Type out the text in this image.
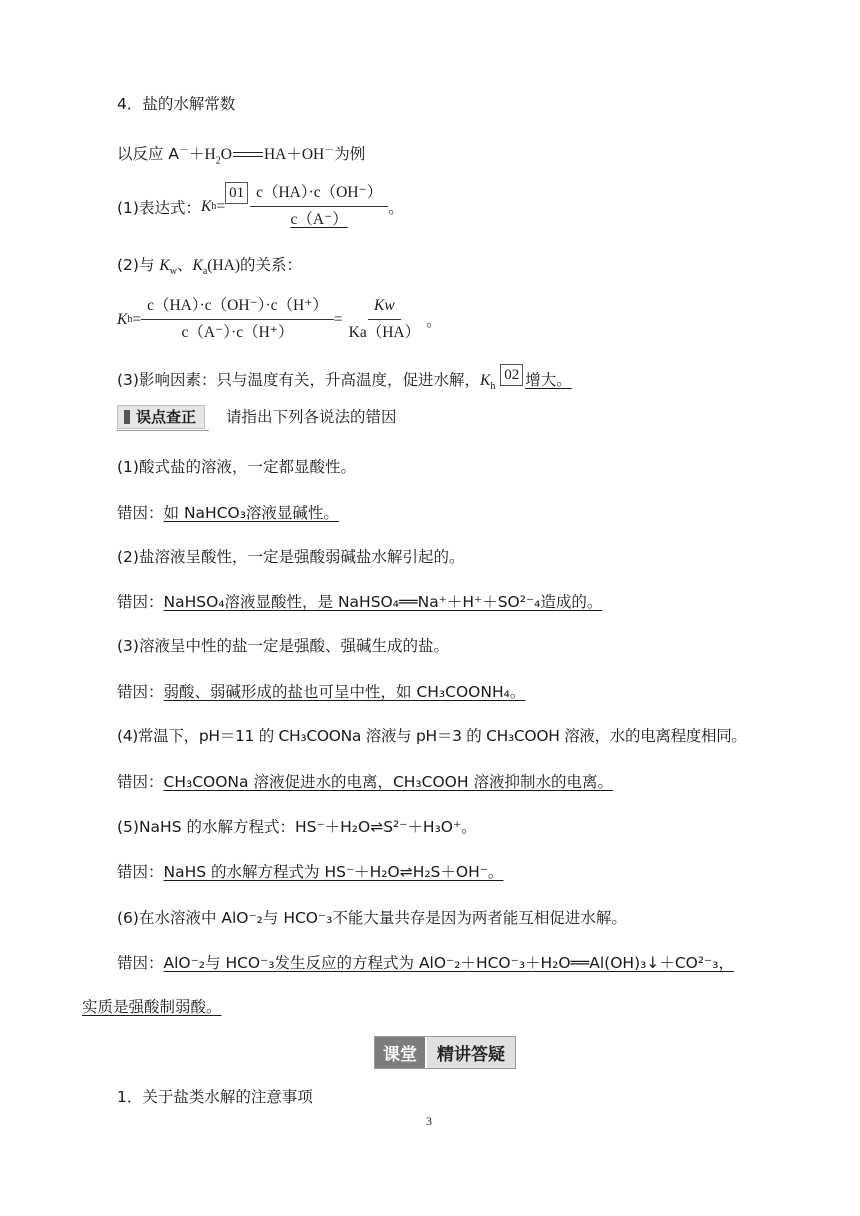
4．盐的水解常数
以反应 $A^-+H_2O$ HA＋OH－为例
(1)表达式： K h =
$01 \frac{c(HA)\cdot c(OH^-)}{c(A^-)}$ 。
(2)与 $K_w$、$K_a(HA)$的关系：
K $h = \frac{c(HA)\cdot c(OH^-)\cdot c(H^+)}{c(A^-)\cdot c(H^+)} = \frac{Kw}{Ka(HA)}$ 。
(3)影响因素：只与温度有关，升高温度，促进水解，$K_h$ 02 增大。
误点查正 请指出下列各说法的错因
(1)酸式盐的溶液，一定都显酸性。
错因：如 NaHCO₃溶液显碱性。
(2)盐溶液呈酸性，一定是强酸弱碱盐水解引起的。
错因：NaHSO₄溶液显酸性，是 NaHSO₄══Na⁺＋H⁺＋SO²⁻₄造成的。
(3)溶液呈中性的盐一定是强酸、强碱生成的盐。
错因：弱酸、弱碱形成的盐也可呈中性，如 CH₃COONH₄。
(4)常温下，pH＝11 的 CH₃COONa 溶液与 pH＝3 的 CH₃COOH 溶液，水的电离程度相同。
错因：CH₃COONa 溶液促进水的电离，CH₃COOH 溶液抑制水的电离。
(5)NaHS 的水解方程式：HS⁻＋H₂O⇌S²⁻＋H₃O⁺。
错因：NaHS 的水解方程式为 HS⁻＋H₂O⇌H₂S＋OH⁻。
(6)在水溶液中 AlO⁻₂与 HCO⁻₃不能大量共存是因为两者能互相促进水解。
错因：AlO⁻₂与 HCO⁻₃发生反应的方程式为 AlO⁻₂＋HCO⁻₃＋H₂O══Al(OH)₃↓＋CO²⁻₃，
实质是强酸制弱酸。
课堂	精讲答疑
1．关于盐类水解的注意事项
3
